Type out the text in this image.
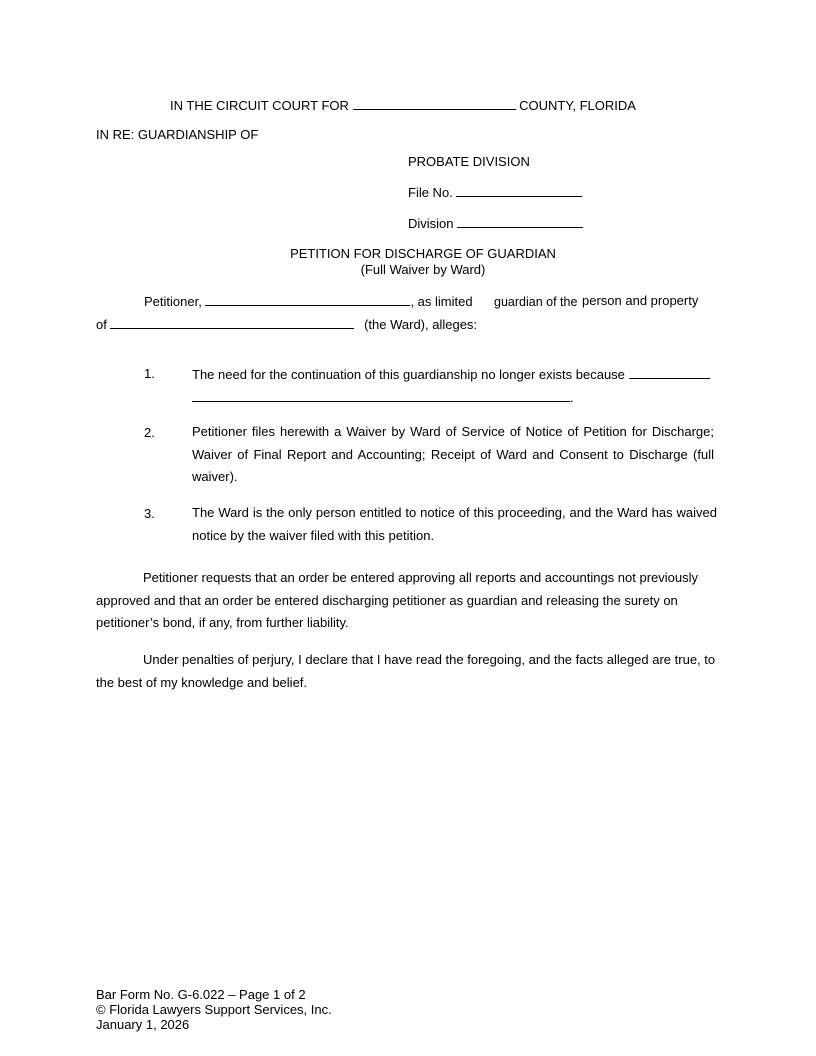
IN THE CIRCUIT COURT FOR	COUNTY, FLORIDA
IN RE: GUARDIANSHIP OF
PROBATE DIVISION
File No.
Division
PETITION FOR DISCHARGE OF GUARDIAN
(Full Waiver by Ward)
Petitioner,	, as limited guardian of the person and property
of	(the Ward), alleges:
1.	The need for the continuation of this guardianship no longer exists because
.
2.	Petitioner files herewith a Waiver by Ward of Service of Notice of Petition for Discharge; Waiver of Final Report and Accounting; Receipt of Ward and Consent to Discharge (full waiver).
3.	The Ward is the only person entitled to notice of this proceeding, and the Ward has waived notice by the waiver filed with this petition.
Petitioner requests that an order be entered approving all reports and accountings not previously approved and that an order be entered discharging petitioner as guardian and releasing the surety on petitioner’s bond, if any, from further liability.
Under penalties of perjury, I declare that I have read the foregoing, and the facts alleged are true, to the best of my knowledge and belief.
Bar Form No. G-6.022 – Page 1 of 2
© Florida Lawyers Support Services, Inc.
January 1, 2026
